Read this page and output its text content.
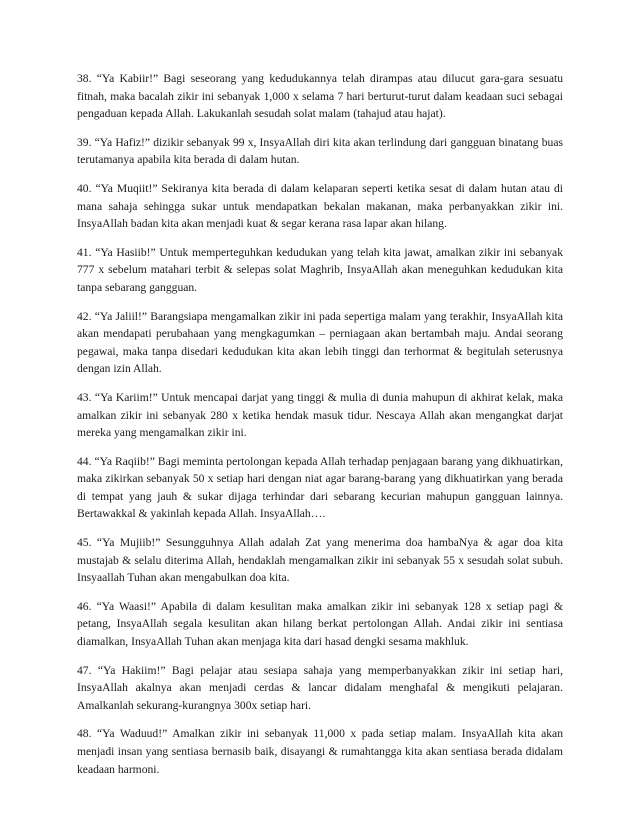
38. “Ya Kabiir!” Bagi seseorang yang kedudukannya telah dirampas atau dilucut gara-gara sesuatu fitnah, maka bacalah zikir ini sebanyak 1,000 x selama 7 hari berturut-turut dalam keadaan suci sebagai pengaduan kepada Allah. Lakukanlah sesudah solat malam (tahajud atau hajat).

39. “Ya Hafiz!” dizikir sebanyak 99 x, InsyaAllah diri kita akan terlindung dari gangguan binatang buas terutamanya apabila kita berada di dalam hutan.

40. “Ya Muqiit!” Sekiranya kita berada di dalam kelaparan seperti ketika sesat di dalam hutan atau di mana sahaja sehingga sukar untuk mendapatkan bekalan makanan, maka perbanyakkan zikir ini. InsyaAllah badan kita akan menjadi kuat & segar kerana rasa lapar akan hilang.

41. “Ya Hasiib!” Untuk memperteguhkan kedudukan yang telah kita jawat, amalkan zikir ini sebanyak 777 x sebelum matahari terbit & selepas solat Maghrib, InsyaAllah akan meneguhkan kedudukan kita tanpa sebarang gangguan.

42. “Ya Jaliil!” Barangsiapa mengamalkan zikir ini pada sepertiga malam yang terakhir, InsyaAllah kita akan mendapati perubahaan yang mengkagumkan – perniagaan akan bertambah maju. Andai seorang pegawai, maka tanpa disedari kedudukan kita akan lebih tinggi dan terhormat & begitulah seterusnya dengan izin Allah.

43. “Ya Kariim!” Untuk mencapai darjat yang tinggi & mulia di dunia mahupun di akhirat kelak, maka amalkan zikir ini sebanyak 280 x ketika hendak masuk tidur. Nescaya Allah akan mengangkat darjat mereka yang mengamalkan zikir ini.

44. “Ya Raqiib!” Bagi meminta pertolongan kepada Allah terhadap penjagaan barang yang dikhuatirkan, maka zikirkan sebanyak 50 x setiap hari dengan niat agar barang-barang yang dikhuatirkan yang berada di tempat yang jauh & sukar dijaga terhindar dari sebarang kecurian mahupun gangguan lainnya. Bertawakkal & yakinlah kepada Allah. InsyaAllah….

45. “Ya Mujiib!” Sesungguhnya Allah adalah Zat yang menerima doa hambaNya & agar doa kita mustajab & selalu diterima Allah, hendaklah mengamalkan zikir ini sebanyak 55 x sesudah solat subuh. Insyaallah Tuhan akan mengabulkan doa kita.

46. “Ya Waasi!” Apabila di dalam kesulitan maka amalkan zikir ini sebanyak 128 x setiap pagi & petang, InsyaAllah segala kesulitan akan hilang berkat pertolongan Allah. Andai zikir ini sentiasa diamalkan, InsyaAllah Tuhan akan menjaga kita dari hasad dengki sesama makhluk.

47. “Ya Hakiim!” Bagi pelajar atau sesiapa sahaja yang memperbanyakkan zikir ini setiap hari, InsyaAllah akalnya akan menjadi cerdas & lancar didalam menghafal & mengikuti pelajaran. Amalkanlah sekurang-kurangnya 300x setiap hari.

48. “Ya Waduud!” Amalkan zikir ini sebanyak 11,000 x pada setiap malam. InsyaAllah kita akan menjadi insan yang sentiasa bernasib baik, disayangi & rumahtangga kita akan sentiasa berada didalam keadaan harmoni.
